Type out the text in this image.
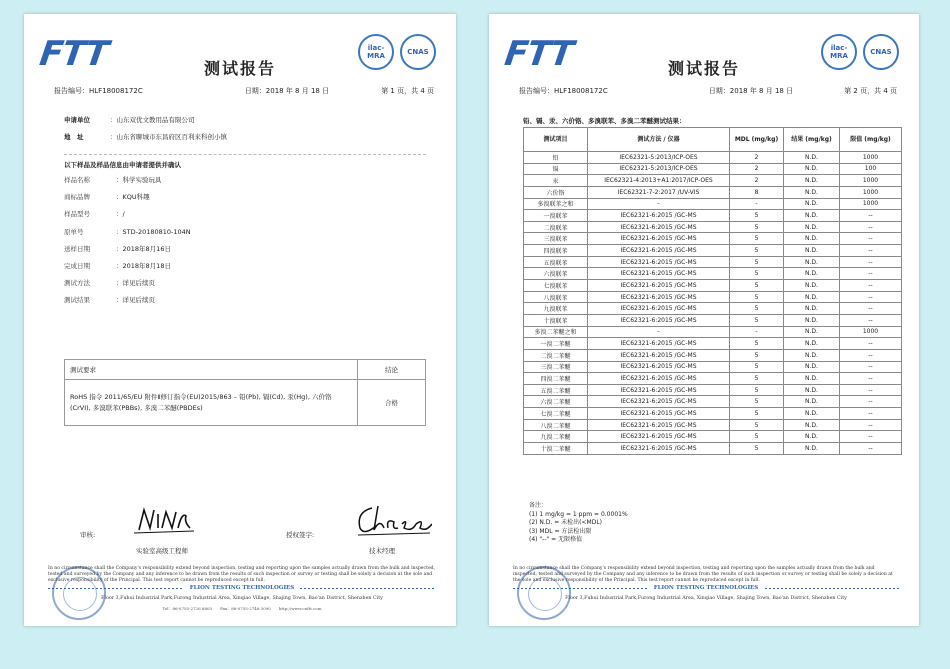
FTT	ilac-MRA	CNAS
测试报告
报告编号：HLF18008172C	日期：2018 年 8 月 18 日	第 1 页，共 4 页
申请单位	：山东双优文教用品有限公司
地　址	：山东省聊城市东昌府区百利来科创小镇
以下样品及样品信息由申请者提供并确认
样品名称	：科学实验玩具
商标品牌	：KQU科趣
样品型号	：/
原单号	：STD-20180810-104N
送样日期	：2018年8月16日
完成日期	：2018年8月18日
测试方法	：详见后续页
测试结果	：详见后续页
测试要求	结论
RoHS 指令 2011/65/EU 附件Ⅱ修订指令(EU)2015/863 – 铅(Pb), 镉(Cd), 汞(Hg), 六价铬(CrVI), 多溴联苯(PBBs), 多溴二苯醚(PBDEs)	合格
审核:
实验室高级工程师
授权签字:
技术经理
In no circumstance shall the Company's responsibility extend beyond inspection, testing and reporting upon the samples actually drawn from the bulk and inspected, tested and surveyed by the Company and any inference to be drawn from the results of such inspection or survey or testing shall be solely a decision at the sole and exclusive responsibility of the Principal. This test report cannot be reproduced except in full.
FLION TESTING TECHNOLOGIES
Floor 3,Fuhui Industrial Park,Furong Industrial Area, Xinqiao Village, Shajing Town, Bao'an District, Shenzhen City
Tel：86-0755-2726 8803　　Fax：86-0755-2746 3090　　http://www.cnftt.com
FTT	ilac-MRA	CNAS
测试报告
报告编号：HLF18008172C	日期：2018 年 8 月 18 日	第 2 页，共 4 页
铅、镉、汞、六价铬、多溴联苯、多溴二苯醚测试结果：
测试项目	测试方法 / 仪器	MDL (mg/kg)	结果 (mg/kg)	限值 (mg/kg)
铅	IEC62321-5:2013/ICP-OES	2	N.D.	1000
镉	IEC62321-5:2013/ICP-OES	2	N.D.	100
汞	IEC62321-4:2013+A1:2017/ICP-OES	2	N.D.	1000
六价铬	IEC62321-7-2:2017 /UV-VIS	8	N.D.	1000
多溴联苯之和	-	-	N.D.	1000
一溴联苯	IEC62321-6:2015 /GC-MS	5	N.D.	--
二溴联苯	IEC62321-6:2015 /GC-MS	5	N.D.	--
三溴联苯	IEC62321-6:2015 /GC-MS	5	N.D.	--
四溴联苯	IEC62321-6:2015 /GC-MS	5	N.D.	--
五溴联苯	IEC62321-6:2015 /GC-MS	5	N.D.	--
六溴联苯	IEC62321-6:2015 /GC-MS	5	N.D.	--
七溴联苯	IEC62321-6:2015 /GC-MS	5	N.D.	--
八溴联苯	IEC62321-6:2015 /GC-MS	5	N.D.	--
九溴联苯	IEC62321-6:2015 /GC-MS	5	N.D.	--
十溴联苯	IEC62321-6:2015 /GC-MS	5	N.D.	--
多溴二苯醚之和	-	-	N.D.	1000
一溴二苯醚	IEC62321-6:2015 /GC-MS	5	N.D.	--
二溴二苯醚	IEC62321-6:2015 /GC-MS	5	N.D.	--
三溴二苯醚	IEC62321-6:2015 /GC-MS	5	N.D.	--
四溴二苯醚	IEC62321-6:2015 /GC-MS	5	N.D.	--
五溴二苯醚	IEC62321-6:2015 /GC-MS	5	N.D.	--
六溴二苯醚	IEC62321-6:2015 /GC-MS	5	N.D.	--
七溴二苯醚	IEC62321-6:2015 /GC-MS	5	N.D.	--
八溴二苯醚	IEC62321-6:2015 /GC-MS	5	N.D.	--
九溴二苯醚	IEC62321-6:2015 /GC-MS	5	N.D.	--
十溴二苯醚	IEC62321-6:2015 /GC-MS	5	N.D.	--
备注：
(1) 1 mg/kg = 1 ppm = 0.0001%
(2) N.D. = 未检出(<MDL)
(3) MDL = 方法检出限
(4) "--" = 无限格值
In no circumstance shall the Company's responsibility extend beyond inspection, testing and reporting upon the samples actually drawn from the bulk and inspected, tested and surveyed by the Company and any inference to be drawn from the results of such inspection or survey or testing shall be solely a decision at the sole and exclusive responsibility of the Principal. This test report cannot be reproduced except in full.
FLION TESTING TECHNOLOGIES
Floor 3,Fuhui Industrial Park,Furong Industrial Area, Xinqiao Village, Shajing Town, Bao'an District, Shenzhen City
